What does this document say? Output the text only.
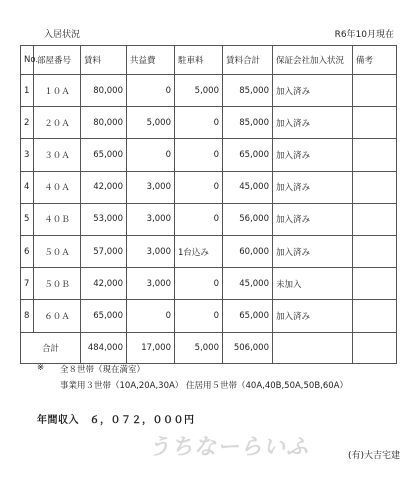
入居状況	R6年10月現在
No.	部屋番号	賃料	共益費	駐車料	賃料合計	保証会社加入状況	備考
1	１０Ａ	80,000	0	5,000	85,000	加入済み	
2	２０Ａ	80,000	5,000	0	85,000	加入済み	
3	３０Ａ	65,000	0	0	65,000	加入済み	
4	４０Ａ	42,000	3,000	0	45,000	加入済み	
5	４０Ｂ	53,000	3,000	0	56,000	加入済み	
6	５０Ａ	57,000	3,000	1台込み	60,000	加入済み	
7	５０Ｂ	42,000	3,000	0	45,000	未加入	
8	６０Ａ	65,000	0	0	65,000	加入済み	
合計		484,000	17,000	5,000	506,000		
※ 全８世帯（現在満室）
事業用３世帯（10A,20A,30A） 住居用５世帯（40A,40B,50A,50B,60A）
年間収入　６，０７２，０００円
うちなーらいふ	(有)大吉宅建
